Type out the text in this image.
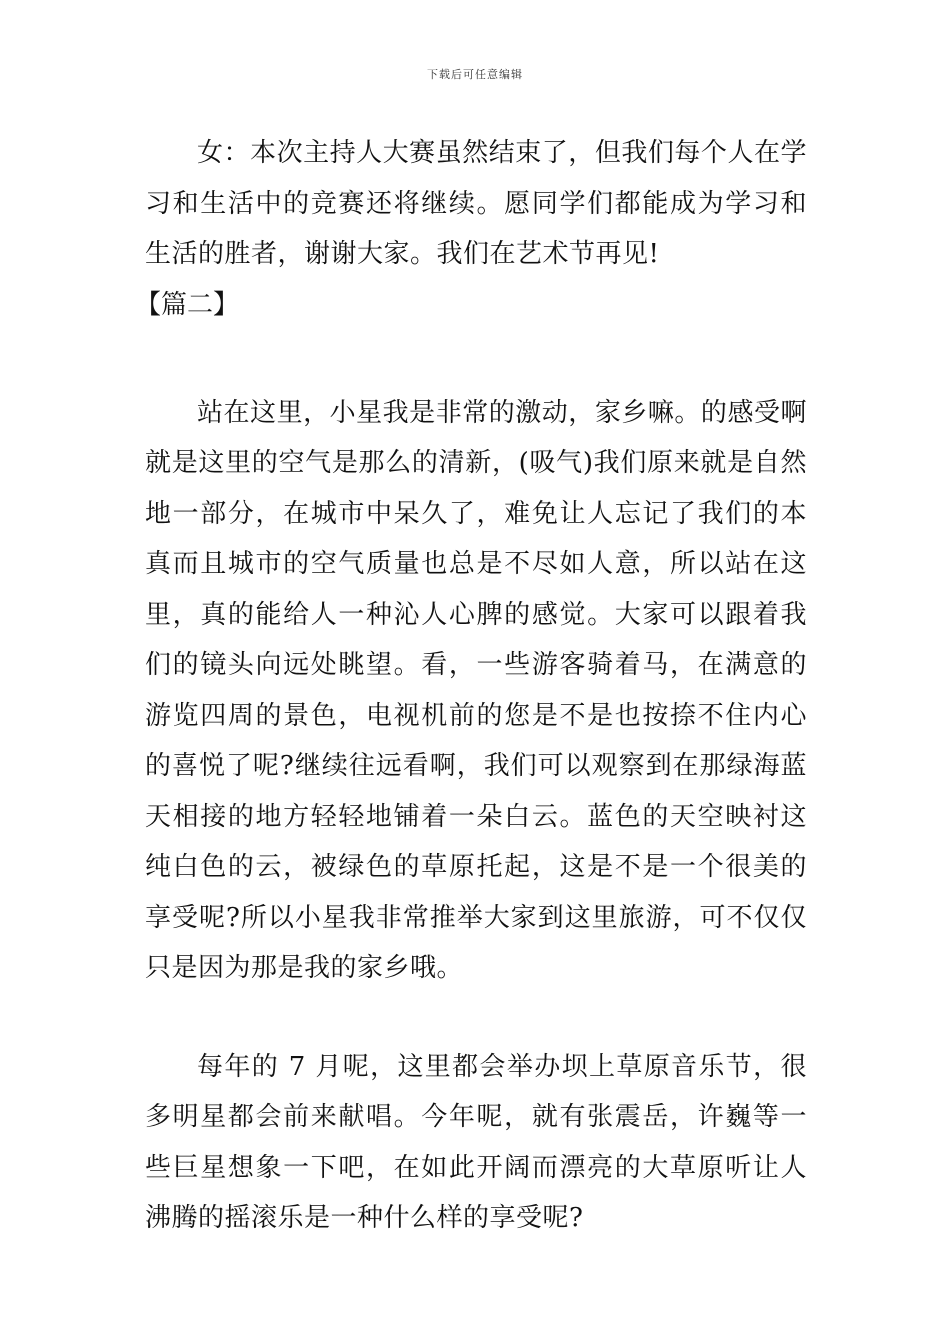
下载后可任意编辑

女：本次主持人大赛虽然结束了，但我们每个人在学习和生活中的竞赛还将继续。愿同学们都能成为学习和生活的胜者，谢谢大家。我们在艺术节再见!

【篇二】

站在这里，小星我是非常的激动，家乡嘛。的感受啊就是这里的空气是那么的清新，(吸气)我们原来就是自然地一部分，在城市中呆久了，难免让人忘记了我们的本真而且城市的空气质量也总是不尽如人意，所以站在这里，真的能给人一种沁人心脾的感觉。大家可以跟着我们的镜头向远处眺望。看，一些游客骑着马，在满意的游览四周的景色，电视机前的您是不是也按捺不住内心的喜悦了呢?继续往远看啊，我们可以观察到在那绿海蓝天相接的地方轻轻地铺着一朵白云。蓝色的天空映衬这纯白色的云，被绿色的草原托起，这是不是一个很美的享受呢?所以小星我非常推举大家到这里旅游，可不仅仅只是因为那是我的家乡哦。

每年的 7 月呢，这里都会举办坝上草原音乐节，很多明星都会前来献唱。今年呢，就有张震岳，许巍等一些巨星想象一下吧，在如此开阔而漂亮的大草原听让人沸腾的摇滚乐是一种什么样的享受呢?
